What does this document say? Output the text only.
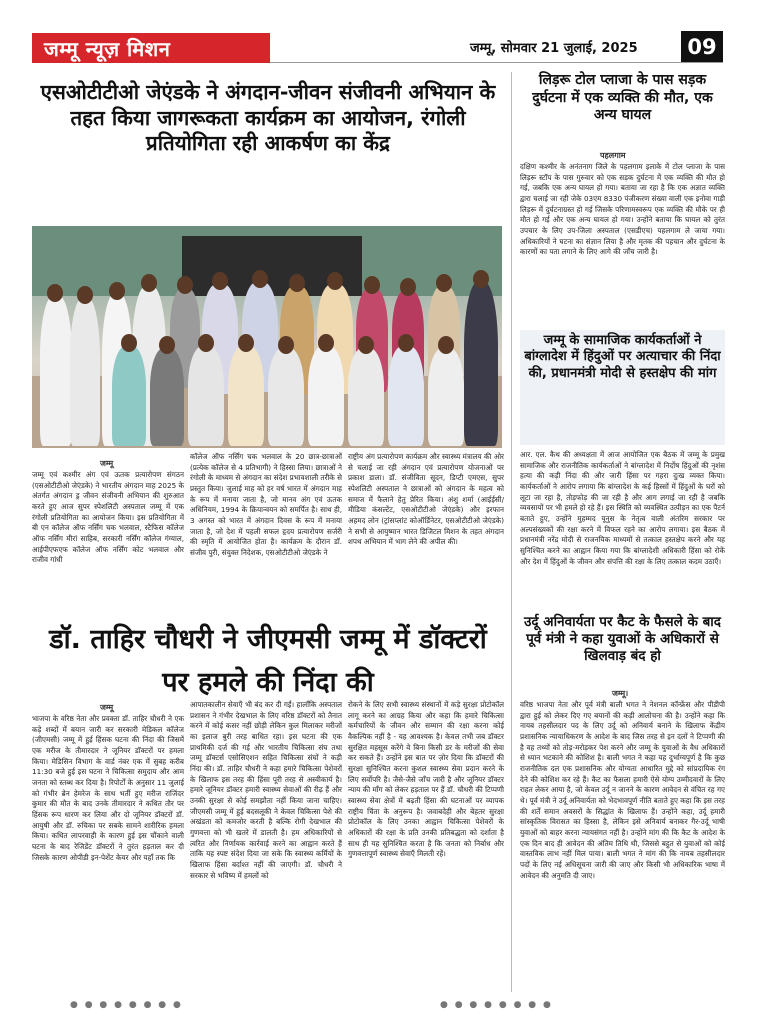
जम्मू न्यूज़ मिशन	जम्मू, सोमवार 21 जुलाई, 2025	09
एसओटीटीओ जेएंडके ने अंगदान-जीवन संजीवनी अभियान के तहत किया जागरूकता कार्यक्रम का आयोजन, रंगोली प्रतियोगिता रही आकर्षण का केंद्र
जम्मू
जम्मू एवं कश्मीर अंग एवं ऊतक प्रत्यारोपण संगठन (एसओटीटीओ जेएंडके) ने भारतीय अंगदान माह 2025 के अंतर्गत अंगदान ड्र जीवन संजीवनी अभियान की शुरुआत करते हुए आज सुपर स्पेशलिटी अस्पताल जम्मू में एक रंगोली प्रतियोगिता का आयोजन किया। इस प्रतियोगिता में बी एन कॉलेज ऑफ नर्सिंग चक भलवाल, स्टैफिस कॉलेज ऑफ नर्सिंग मीरां साहिब, सरकारी नर्सिंग कॉलेज गंग्याल, आईपीएफएफ कॉलेज ऑफ नर्सिंग कोट भलवाल और राजीव गांधी
कॉलेज ऑफ नर्सिंग चक भलवाल के 20 छात्र-छात्राओं (प्रत्येक कॉलेज से 4 प्रतिभागी) ने हिस्सा लिया। छात्राओं ने रंगोली के माध्यम से अंगदान का संदेश प्रभावशाली तरीके से प्रस्तुत किया। जुलाई माह को हर वर्ष भारत में अंगदान माह के रूप में मनाया जाता है, जो मानव अंग एवं ऊतक अधिनियम, 1994 के क्रियान्वयन को समर्पित है। साथ ही, 3 अगस्त को भारत में अंगदान दिवस के रूप में मनाया जाता है, जो देश में पहली सफल हृदय प्रत्यारोपण सर्जरी की स्मृति में आयोजित होता है। कार्यक्रम के दौरान डॉ. संजीव पुरी, संयुक्त निदेशक, एसओटीटीओ जेएंडके ने
राष्ट्रीय अंग प्रत्यारोपण कार्यक्रम और स्वास्थ्य मंत्रालय की ओर से चलाई जा रही अंगदान एवं प्रत्यारोपण योजनाओं पर प्रकाश डाला। डॉ. संजीविता सूदन, डिप्टी एमएस, सुपर स्पेशलिटी अस्पताल ने छात्राओं को अंगदान के महत्व को समाज में फैलाने हेतु प्रेरित किया। अंशु शर्मा (आईईसी/मीडिया कंसल्टेंट, एसओटीटीओ जेएंडके) और इरफान अहमद लोन (ट्रांसप्लांट कोऑर्डिनेटर, एसओटीटीओ जेएंडके) ने सभी से आयुष्मान भारत डिजिटल मिशन के तहत अंगदान शपथ अभियान में भाग लेने की अपील की।
डॉ. ताहिर चौधरी ने जीएमसी जम्मू में डॉक्टरों पर हमले की निंदा की
जम्मू
भाजपा के वरिष्ठ नेता और प्रवक्ता डॉ. ताहिर चौधरी ने एक कड़े शब्दों में बयान जारी कर सरकारी मेडिकल कॉलेज (जीएमसी) जम्मू में हुई हिंसक घटना की निंदा की जिसमें एक मरीज के तीमारदार ने जूनियर डॉक्टरों पर हमला किया। मेडिसिन विभाग के वार्ड नंबर एक में सुबह करीब 11:30 बजे हुई इस घटना ने चिकित्सा समुदाय और आम जनता को स्तब्ध कर दिया है। रिपोर्टों के अनुसार 11 जुलाई को गंभीर ब्रेन हेमरेज के साथ भर्ती हुए मरीज राजिंदर कुमार की मौत के बाद उनके तीमारदार ने कथित तौर पर हिंसक रूप धारण कर लिया और दो जूनियर डॉक्टरों डॉ. आयुषी और डॉ. रुचिका पर सबके सामने शारीरिक हमला किया। कथित लापरवाही के कारण हुई इस चौंकाने वाली घटना के बाद रेजिडेंट डॉक्टरों ने तुरंत हड़ताल कर दी जिसके कारण ओपीडी इन-पेशेंट केयर और यहाँ तक कि
आपातकालीन सेवाएँ भी बंद कर दी गईं। हालाँकि अस्पताल प्रशासन ने गंभीर देखभाल के लिए वरिष्ठ डॉक्टरों को तैनात करने में कोई कसर नहीं छोड़ी लेकिन कुल मिलाकर मरीजों का इलाज बुरी तरह बाधित रहा। इस घटना की एक प्राथमिकी दर्ज की गई और भारतीय चिकित्सा संघ तथा जम्मू डॉक्टर्स एसोसिएशन सहित चिकित्सा संघों ने कड़ी निंदा की। डॉ. ताहिर चौधरी ने कहा हमारे चिकित्सा पेशेवरों के खिलाफ इस तरह की हिंसा पूरी तरह से अस्वीकार्य है। हमारे जूनियर डॉक्टर हमारी स्वास्थ्य सेवाओं की रीढ़ हैं और उनकी सुरक्षा से कोई समझौता नहीं किया जाना चाहिए। जीएमसी जम्मू में हुई बदसलूकी ने केवल चिकित्सा पेशे की अखंडता को कमजोर करती है बल्कि रोगी देखभाल की गुणवत्ता को भी खतरे में डालती है। हम अधिकारियों से त्वरित और निर्णायक कार्रवाई करने का आह्वान करते हैं ताकि यह स्पष्ट संदेश दिया जा सके कि स्वास्थ्य कर्मियों के खिलाफ हिंसा बर्दाश्त नहीं की जाएगी। डॉ. चौधरी ने सरकार से भविष्य में हमलों को
रोकने के लिए सभी स्वास्थ्य संस्थानों में कड़े सुरक्षा प्रोटोकॉल लागू करने का आग्रह किया और कहा कि हमारे चिकित्सा कर्मचारियों के जीवन और सम्मान की रक्षा करना कोई वैकल्पिक नहीं है - यह आवश्यक है। केवल तभी जब डॉक्टर सुरक्षित महसूस करेंगे वे बिना किसी डर के मरीजों की सेवा कर सकते हैं। उन्होंने इस बात पर ज़ोर दिया कि डॉक्टरों की सुरक्षा सुनिश्चित करना कुशल स्वास्थ्य सेवा प्रदान करने के लिए सर्वोपरि है। जैसे-जैसे जाँच जारी है और जूनियर डॉक्टर न्याय की माँग को लेकर हड़ताल पर हैं डॉ. चौधरी की टिप्पणी स्वास्थ्य सेवा क्षेत्रों में बढ़ती हिंसा की घटनाओं पर व्यापक राष्ट्रीय चिंता के अनुरूप है। जवाबदेही और बेहतर सुरक्षा प्रोटोकॉल के लिए उनका आह्वान चिकित्सा पेशेवरों के अधिकारों की रक्षा के प्रति उनकी प्रतिबद्धता को दर्शाता है साथ ही यह सुनिश्चित करता है कि जनता को निर्बाध और गुणवत्तापूर्ण स्वास्थ्य सेवाएँ मिलती रहें।
लिड़रू टोल प्लाजा के पास सड़क दुर्घटना में एक व्यक्ति की मौत, एक अन्य घायल
पहलगाम
दक्षिण कश्मीर के अनंतनाग जिले के पहलगाम इलाके में टोल प्लाजा के पास लिड़रू स्टॉप के पास गुरुवार को एक सड़क दुर्घटना में एक व्यक्ति की मौत हो गई, जबकि एक अन्य घायल हो गया। बताया जा रहा है कि एक अज्ञात व्यक्ति द्वारा चलाई जा रही जेके 03एम 8330 पंजीकरण संख्या वाली एक इनोवा गाड़ी लिड़रू में दुर्घटनाग्रस्त हो गई जिसके परिणामस्वरूप एक व्यक्ति की मौके पर ही मौत हो गई और एक अन्य घायल हो गया। उन्होंने बताया कि घायल को तुरंत उपचार के लिए उप-जिला अस्पताल (एसडीएच) पहलगाम ले जाया गया। अधिकारियों ने घटना का संज्ञान लिया है और मृतक की पहचान और दुर्घटना के कारणों का पता लगाने के लिए आगे की जाँच जारी है।
जम्मू के सामाजिक कार्यकर्ताओं ने बांग्लादेश में हिंदुओं पर अत्याचार की निंदा की, प्रधानमंत्री मोदी से हस्तक्षेप की मांग
आर. एल. कैथ की अध्यक्षता में आज आयोजित एक बैठक में जम्मू के प्रमुख सामाजिक और राजनीतिक कार्यकर्ताओं ने बांग्लादेश में निर्दोष हिंदुओं की नृशंस हत्या की कड़ी निंदा की और जारी हिंसा पर गहरा दुःख व्यक्त किया। कार्यकर्ताओं ने आरोप लगाया कि बांग्लादेश के कई हिस्सों में हिंदुओं के घरों को लूटा जा रहा है, तोड़फोड़ की जा रही है और आग लगाई जा रही है जबकि व्यवसायों पर भी हमले हो रहे हैं। इस स्थिति को व्यवस्थित उत्पीड़न का एक पैटर्न बताते हुए, उन्होंने मुहम्मद यूनुस के नेतृत्व वाली अंतरिम सरकार पर अल्पसंख्यकों की रक्षा करने में विफल रहने का आरोप लगाया। इस बैठक में प्रधानमंत्री नरेंद्र मोदी से राजनयिक माध्यमों से तत्काल हस्तक्षेप करने और यह सुनिश्चित करने का आह्वान किया गया कि बांग्लादेशी अधिकारी हिंसा को रोकें और देश में हिंदुओं के जीवन और संपत्ति की रक्षा के लिए तत्काल कदम उठाएँ।
उर्दू अनिवार्यता पर कैट के फैसले के बाद पूर्व मंत्री ने कहा युवाओं के अधिकारों से खिलवाड़ बंद हो
जम्मू।
वरिष्ठ भाजपा नेता और पूर्व मंत्री बाली भगत ने नेशनल कॉन्फ्रेंस और पीडीपी द्वारा हुई को लेकर दिए गए बयानों की कड़ी आलोचना की है। उन्होंने कहा कि नायब तहसीलदार पद के लिए उर्दू को अनिवार्य बनाने के खिलाफ केंद्रीय प्रशासनिक न्यायाधिकरण के आदेश के बाद जिस तरह से इन दलों ने टिप्पणी की है वह तथ्यों को तोड़-मरोड़कर पेश करने और जम्मू के युवाओं के वैध अधिकारों से ध्यान भटकाने की कोशिश है। बाली भगत ने कहा यह दुर्भाग्यपूर्ण है कि कुछ राजनीतिक दल एक प्रशासनिक और योग्यता आधारित मुद्दे को सांप्रदायिक रंग देने की कोशिश कर रहे हैं। कैट का फैसला हमारी ऐसे योग्य उम्मीदवारों के लिए राहत लेकर आया है, जो केवल उर्दू न जानने के कारण आवेदन से वंचित रह गए थे। पूर्व मंत्री ने उर्दू अनिवार्यता को भेदभावपूर्ण नीति बताते हुए कहा कि इस तरह की शर्तें समान अवसरों के सिद्धांत के खिलाफ हैं। उन्होंने कहा, उर्दू हमारी सांस्कृतिक विरासत का हिस्सा है, लेकिन इसे अनिवार्य बनाकर गैर-उर्दू भाषी युवाओं को बाहर करना न्यायसंगत नहीं है। उन्होंने मांग की कि कैट के आदेश के एक दिन बाद ही आवेदन की अंतिम तिथि थी, जिससे बहुत से युवाओं को कोई वास्तविक लाभ नहीं मिल पाया। बाली भगत ने मांग की कि नायब तहसीलदार पदों के लिए नई अधिसूचना जारी की जाए और किसी भी अधिकारिक भाषा में आवेदन की अनुमति दी जाए।
● ● ● ● ● ● ● ●	● ● ● ● ● ● ● ●
